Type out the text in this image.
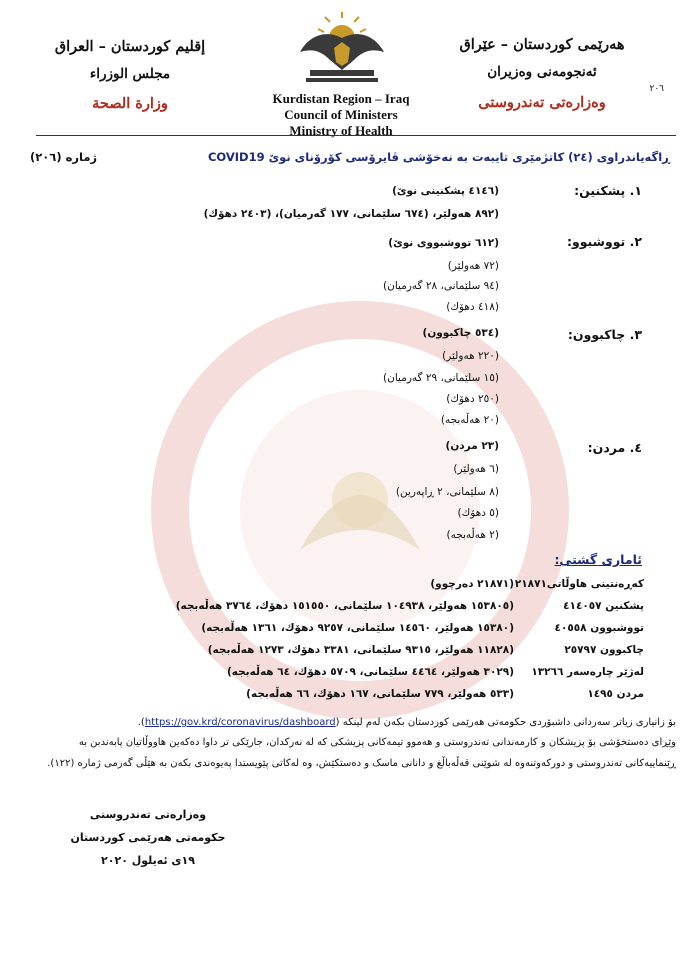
إقليم كوردستان – العراق
مجلس الوزراء
وزارة الصحة
هەرێمی کوردستان – عێراق
ئەنجومەنی وەزیران
٢٠٦
وەزارەتی تەندروستی
Kurdistan Region – Iraq
Council of Ministers
Ministry of Health
ژمارە (٢٠٦)	ڕاگەیاندراوی (٢٤) کاتژمێری تایبەت بە نەخۆشی ڤایرۆسی کۆرۆنای نوێ COVID19
١. پشکنین:
(٤١٤٦ پشکنینی نوێ)
(٨٩٢ هەولێر، (٦٧٤ سلێمانی، ١٧٧ گەرمیان)، (٢٤٠٣ دهۆك)
٢. تووشبوو:
(٦١٢ تووشبووی نوێ)
(٧٢ هەولێر)
(٩٤ سلێمانی، ٢٨ گەرمیان)
(٤١٨ دهۆك)
٣. چاکبوون:
(٥٣٤ چاکبوون)
(٢٢٠ هەولێر)
(١٥ سلێمانی، ٢٩ گەرمیان)
(٢٥٠ دهۆك)
(٢٠ هەڵەبجە)
٤. مردن:
(٢٣ مردن)
(٦ هەولێر)
(٨ سلێمانی، ٢ ڕاپەرین)
(٥ دهۆك)
(٢ هەڵەبجە)
ئاماری گشتی:
کەڕەنتینی هاوڵاتی٢١٨٧١
(٢١٨٧١ دەرچوو)
پشکنین ٤١٤٠٥٧
(١٥٣٨٠٥ هەولێر، ١٠٤٩٣٨ سلێمانی، ١٥١٥٥٠ دهۆك، ٣٧٦٤ هەڵەبجە)
تووشبوون ٤٠٥٥٨
(١٥٣٨٠ هەولێر، ١٤٥٦٠ سلێمانی، ٩٢٥٧ دهۆك، ١٣٦١ هەڵەبجە)
چاکبوون ٢٥٧٩٧
(١١٨٢٨ هەولێر، ٩٣١٥ سلێمانی، ٣٣٨١ دهۆك، ١٢٧٣ هەڵەبجە)
لەژێر چارەسەر ١٣٢٦٦
(٣٠٢٩ هەولێر، ٤٤٦٤ سلێمانی، ٥٧٠٩ دهۆك، ٦٤ هەڵەبجە)
مردن ١٤٩٥
(٥٣٣ هەولێر، ٧٧٩ سلێمانی، ١٦٧ دهۆك، ٦٦ هەڵەبجە)
بۆ زانیاری زیاتر سەردانی داشبۆردی حکومەتی هەرێمی کوردستان بکەن لەم لینکە (https://gov.krd/coronavirus/dashboard).
وێڕای دەستخۆشی بۆ پزیشکان و کارمەندانی تەندروستی و هەموو تیمەکانی پزیشکی کە لە نەرکدان، جارێکی تر داوا دەکەین هاووڵاتیان پابەندبن بە ڕێنماییەکانی تەندروستی و دورکەوتنەوە لە شوێنی قەڵەباڵغ و دانانی ماسک و دەستکێش، وە لەکاتی پێویستدا پەیوەندی بکەن بە هێڵی گەرمی ژمارە (١٢٢).
وەزارەتی تەندروستی
حکومەتی هەرێمی کوردستان
١٩ی ئەیلول ٢٠٢٠
